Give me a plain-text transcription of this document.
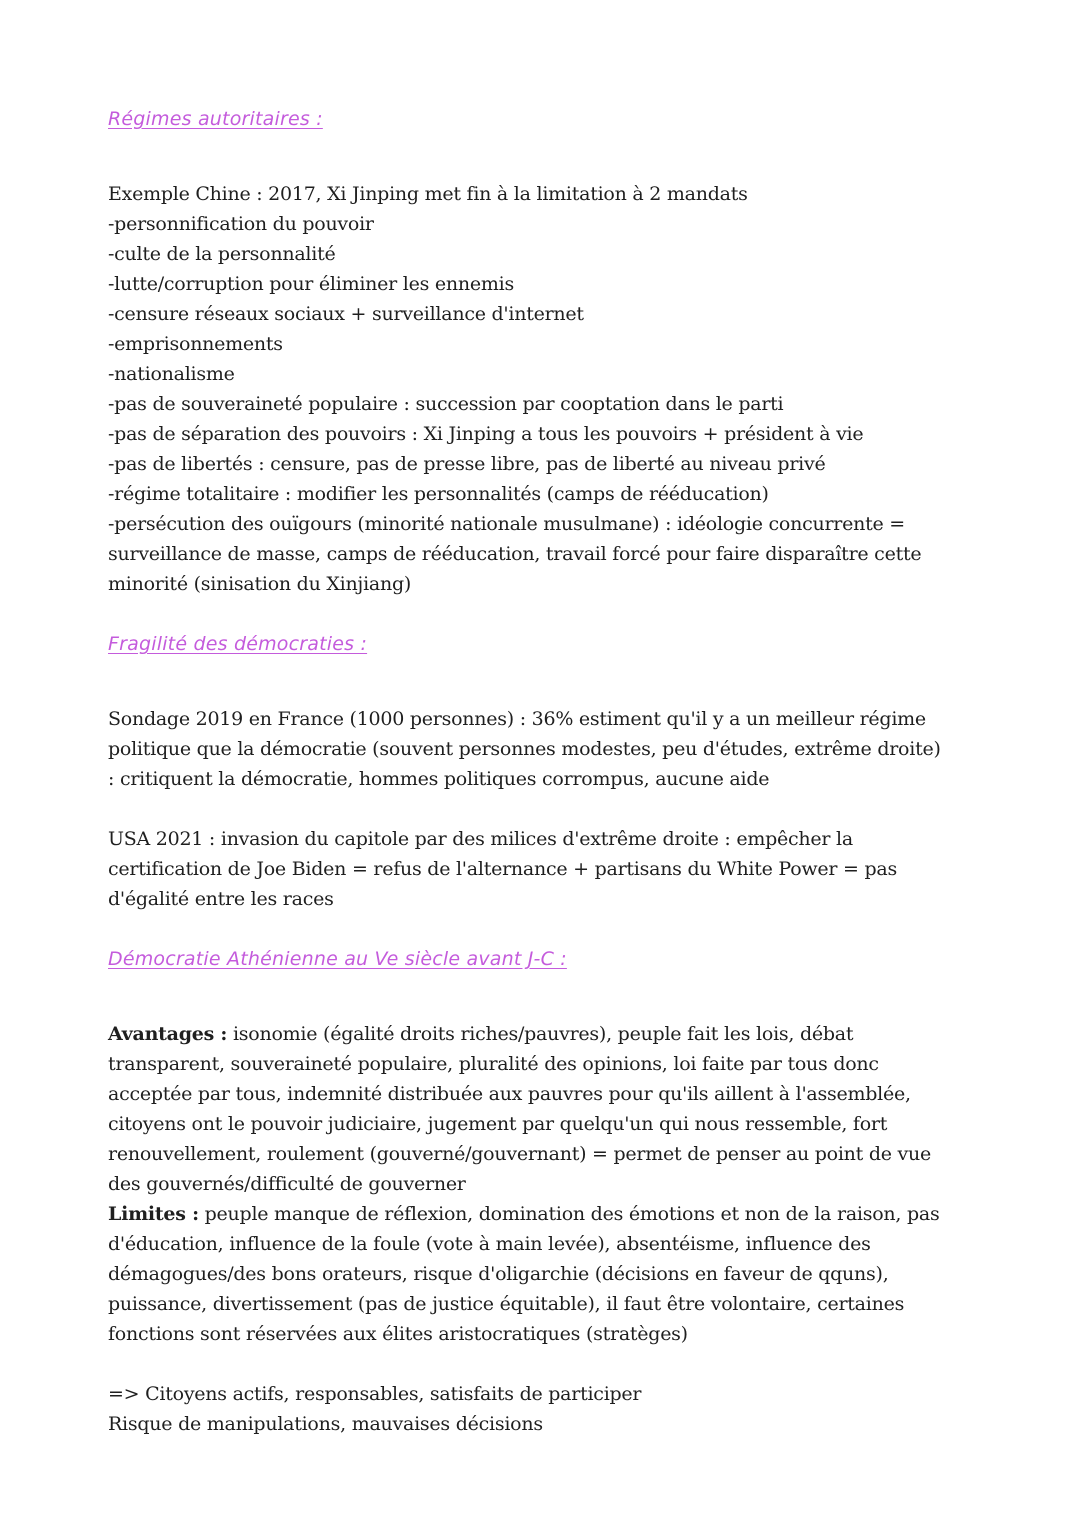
Régimes autoritaires :
Exemple Chine : 2017, Xi Jinping met fin à la limitation à 2 mandats
-personnification du pouvoir
-culte de la personnalité
-lutte/corruption pour éliminer les ennemis
-censure réseaux sociaux + surveillance d'internet
-emprisonnements
-nationalisme
-pas de souveraineté populaire : succession par cooptation dans le parti
-pas de séparation des pouvoirs : Xi Jinping a tous les pouvoirs + président à vie
-pas de libertés : censure, pas de presse libre, pas de liberté au niveau privé
-régime totalitaire : modifier les personnalités (camps de rééducation)
-persécution des ouïgours (minorité nationale musulmane) : idéologie concurrente =
surveillance de masse, camps de rééducation, travail forcé pour faire disparaître cette
minorité (sinisation du Xinjiang)
Fragilité des démocraties :
Sondage 2019 en France (1000 personnes) : 36% estiment qu'il y a un meilleur régime
politique que la démocratie (souvent personnes modestes, peu d'études, extrême droite)
: critiquent la démocratie, hommes politiques corrompus, aucune aide
USA 2021 : invasion du capitole par des milices d'extrême droite : empêcher la
certification de Joe Biden = refus de l'alternance + partisans du White Power = pas
d'égalité entre les races
Démocratie Athénienne au Ve siècle avant J-C :
Avantages : isonomie (égalité droits riches/pauvres), peuple fait les lois, débat
transparent, souveraineté populaire, pluralité des opinions, loi faite par tous donc
acceptée par tous, indemnité distribuée aux pauvres pour qu'ils aillent à l'assemblée,
citoyens ont le pouvoir judiciaire, jugement par quelqu'un qui nous ressemble, fort
renouvellement, roulement (gouverné/gouvernant) = permet de penser au point de vue
des gouvernés/difficulté de gouverner
Limites : peuple manque de réflexion, domination des émotions et non de la raison, pas
d'éducation, influence de la foule (vote à main levée), absentéisme, influence des
démagogues/des bons orateurs, risque d'oligarchie (décisions en faveur de qquns),
puissance, divertissement (pas de justice équitable), il faut être volontaire, certaines
fonctions sont réservées aux élites aristocratiques (stratèges)
=> Citoyens actifs, responsables, satisfaits de participer
Risque de manipulations, mauvaises décisions
